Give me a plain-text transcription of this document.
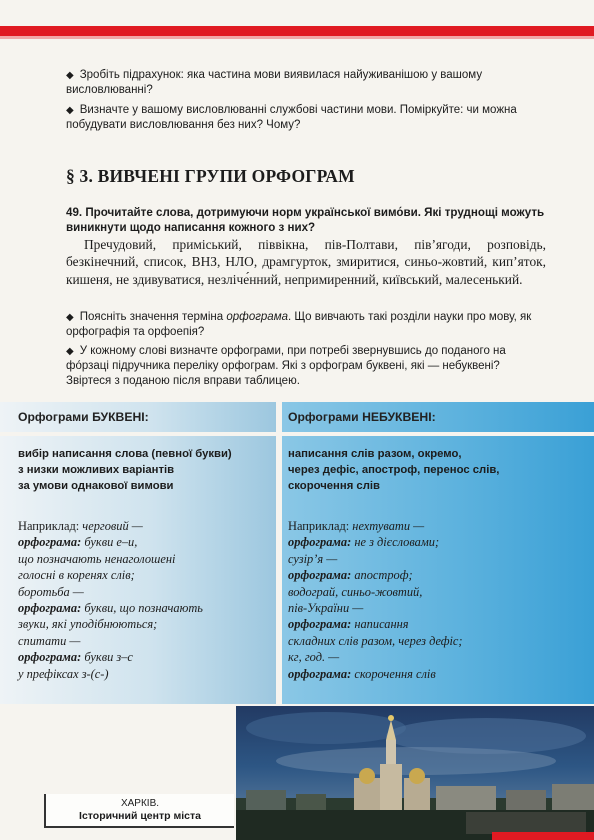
◆ Зробіть підрахунок: яка частина мови виявилася найуживанішою у вашому висловлюванні?
◆ Визначте у вашому висловлюванні службові частини мови. Поміркуйте: чи можна побудувати висловлювання без них? Чому?
§ 3. ВИВЧЕНІ ГРУПИ ОРФОГРАМ
49. Прочитайте слова, дотримуючи норм української вимо́ви. Які труднощі можуть виникнути щодо написання кожного з них?
Пречудовий, приміський, піввікна, пів-Полтави, пів’ягоди, розповідь, безкінечний, список, ВНЗ, НЛО, драмгурток, змиритися, синьо-жовтий, кип’яток, кишеня, не здивуватися, незліче́нний, непримиренний, київський, малесенький.
◆ Поясніть значення терміна орфограма. Що вивчають такі розділи науки про мову, як орфографія та орфоепія?
◆ У кожному слові визначте орфограми, при потребі звернувшись до поданого на фо́рзаці підручника переліку орфограм. Які з орфограм буквені, які — небуквені? Звіртеся з поданою після вправи таблицею.
Орфограми БУКВЕНІ:	Орфограми НЕБУКВЕНІ:
вибір написання слова (певної букви)
з низки можливих варіантів
за умови однакової вимови
написання слів разом, окремо,
через дефіс, апостроф, перенос слів,
скорочення слів
Наприклад: черговий —
орфограма: букви е–и,
що позначають ненаголошені
голосні в коренях слів;
боротьба —
орфограма: букви, що позначають
звуки, які уподібнюються;
спитати —
орфограма: букви з–с
у префіксах з-(с-)
Наприклад: нехтувати —
орфограма: не з дієсловами;
сузір’я —
орфограма: апостроф;
водограй, синьо-жовтий,
пів-України —
орфограма: написання
складних слів разом, через дефіс;
кг, год. —
орфограма: скорочення слів
ХАРКІВ.
Історичний центр міста
